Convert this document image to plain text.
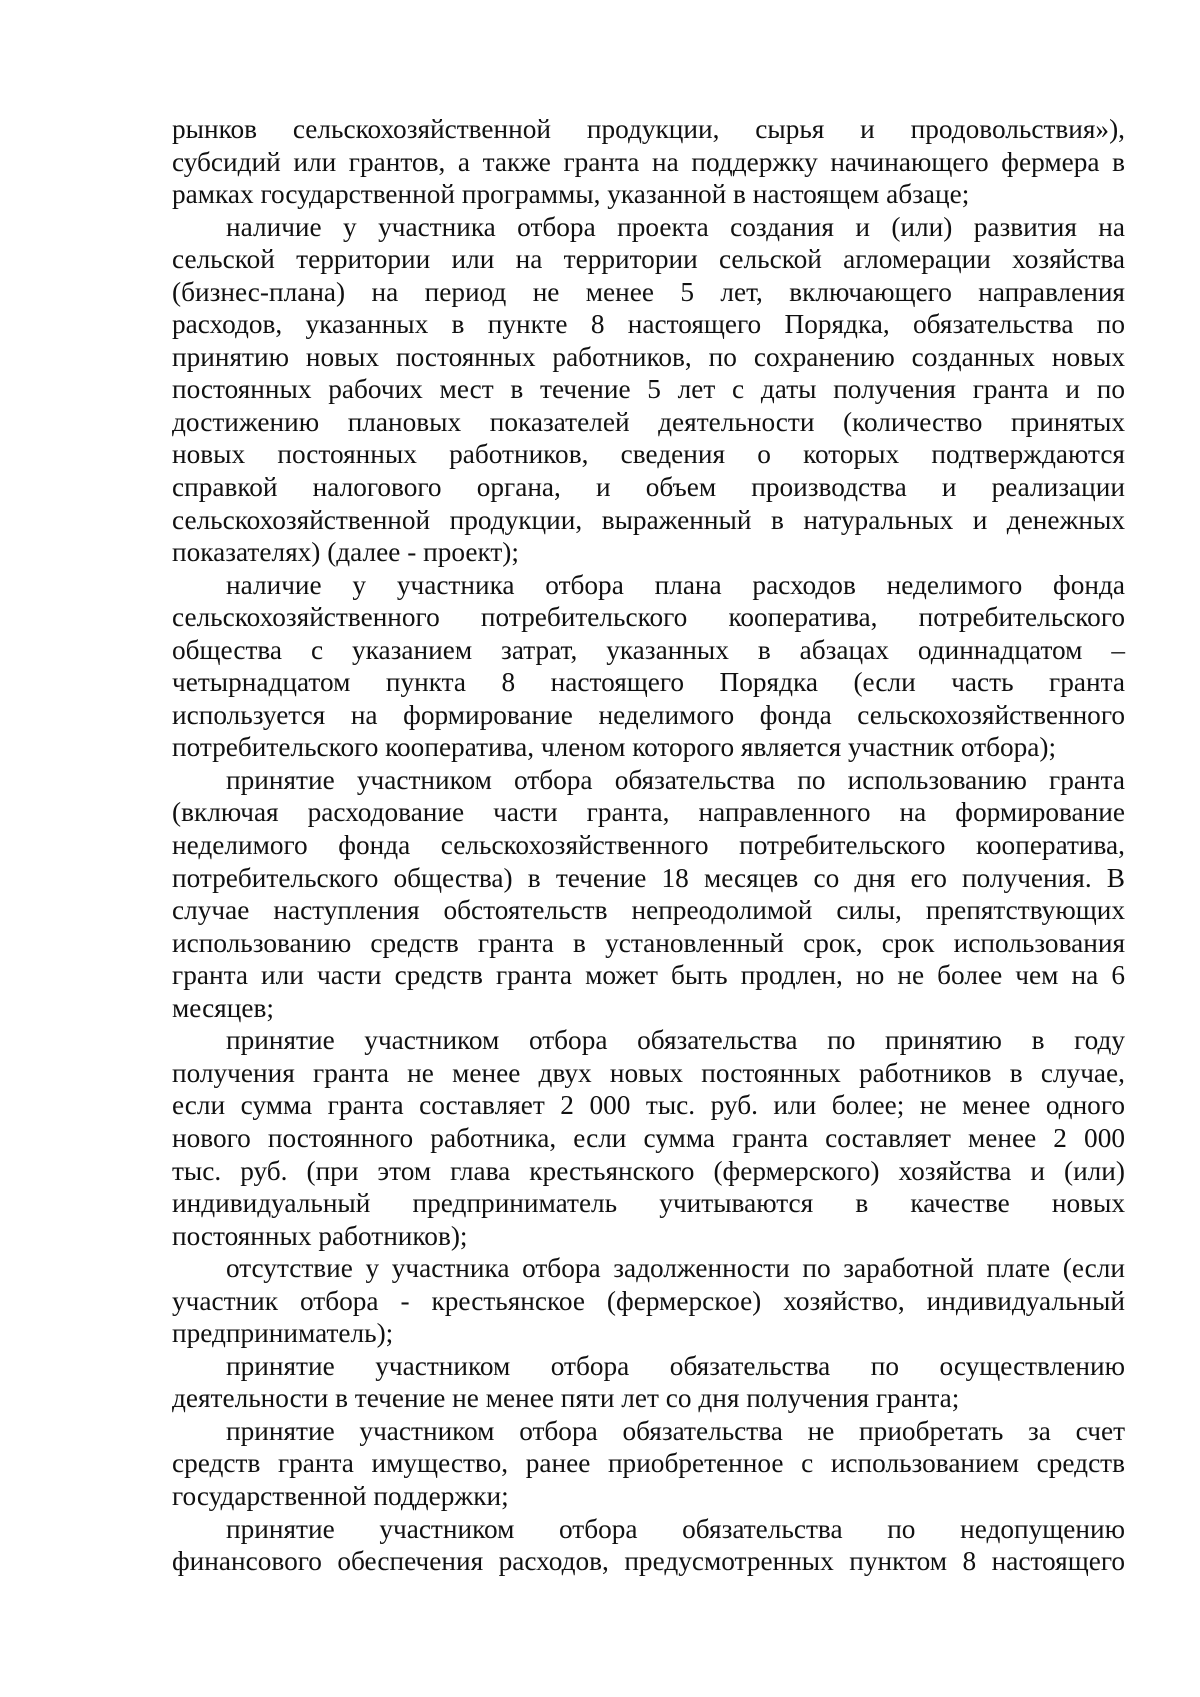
рынков сельскохозяйственной продукции, сырья и продовольствия»),
субсидий или грантов, а также гранта на поддержку начинающего фермера в
рамках государственной программы, указанной в настоящем абзаце;
наличие у участника отбора проекта создания и (или) развития на
сельской территории или на территории сельской агломерации хозяйства
(бизнес-плана) на период не менее 5 лет, включающего направления
расходов, указанных в пункте 8 настоящего Порядка, обязательства по
принятию новых постоянных работников, по сохранению созданных новых
постоянных рабочих мест в течение 5 лет с даты получения гранта и по
достижению плановых показателей деятельности (количество принятых
новых постоянных работников, сведения о которых подтверждаются
справкой налогового органа, и объем производства и реализации
сельскохозяйственной продукции, выраженный в натуральных и денежных
показателях) (далее - проект);
наличие у участника отбора плана расходов неделимого фонда
сельскохозяйственного потребительского кооператива, потребительского
общества с указанием затрат, указанных в абзацах одиннадцатом –
четырнадцатом пункта 8 настоящего Порядка (если часть гранта
используется на формирование неделимого фонда сельскохозяйственного
потребительского кооператива, членом которого является участник отбора);
принятие участником отбора обязательства по использованию гранта
(включая расходование части гранта, направленного на формирование
неделимого фонда сельскохозяйственного потребительского кооператива,
потребительского общества) в течение 18 месяцев со дня его получения. В
случае наступления обстоятельств непреодолимой силы, препятствующих
использованию средств гранта в установленный срок, срок использования
гранта или части средств гранта может быть продлен, но не более чем на 6
месяцев;
принятие участником отбора обязательства по принятию в году
получения гранта не менее двух новых постоянных работников в случае,
если сумма гранта составляет 2 000 тыс. руб. или более; не менее одного
нового постоянного работника, если сумма гранта составляет менее 2 000
тыс. руб. (при этом глава крестьянского (фермерского) хозяйства и (или)
индивидуальный предприниматель учитываются в качестве новых
постоянных работников);
отсутствие у участника отбора задолженности по заработной плате (если
участник отбора - крестьянское (фермерское) хозяйство, индивидуальный
предприниматель);
принятие участником отбора обязательства по осуществлению
деятельности в течение не менее пяти лет со дня получения гранта;
принятие участником отбора обязательства не приобретать за счет
средств гранта имущество, ранее приобретенное с использованием средств
государственной поддержки;
принятие участником отбора обязательства по недопущению
финансового обеспечения расходов, предусмотренных пунктом 8 настоящего
